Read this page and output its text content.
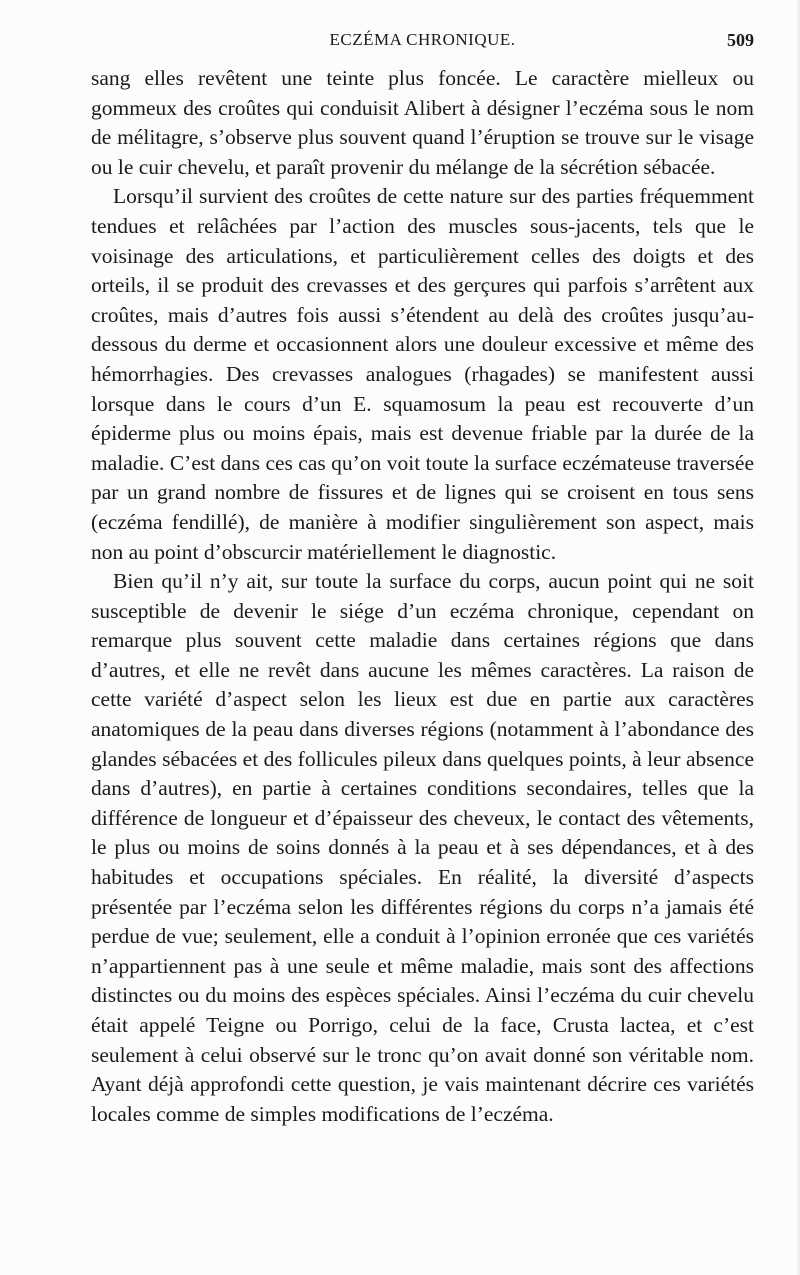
ECZÉMA CHRONIQUE.	509

sang elles revêtent une teinte plus foncée. Le caractère mielleux ou gommeux des croûtes qui conduisit Alibert à désigner l’eczéma sous le nom de mélitagre, s’observe plus souvent quand l’éruption se trouve sur le visage ou le cuir chevelu, et paraît provenir du mélange de la sécrétion sébacée.

Lorsqu’il survient des croûtes de cette nature sur des parties fréquemment tendues et relâchées par l’action des muscles sous-jacents, tels que le voisinage des articulations, et particulièrement celles des doigts et des orteils, il se produit des crevasses et des gerçures qui parfois s’arrêtent aux croûtes, mais d’autres fois aussi s’étendent au delà des croûtes jusqu’au-dessous du derme et occasionnent alors une douleur excessive et même des hémorrhagies. Des crevasses analogues (rhagades) se manifestent aussi lorsque dans le cours d’un E. squamosum la peau est recouverte d’un épiderme plus ou moins épais, mais est devenue friable par la durée de la maladie. C’est dans ces cas qu’on voit toute la surface eczémateuse traversée par un grand nombre de fissures et de lignes qui se croisent en tous sens (eczéma fendillé), de manière à modifier singulièrement son aspect, mais non au point d’obscurcir matériellement le diagnostic.

Bien qu’il n’y ait, sur toute la surface du corps, aucun point qui ne soit susceptible de devenir le siége d’un eczéma chronique, cependant on remarque plus souvent cette maladie dans certaines régions que dans d’autres, et elle ne revêt dans aucune les mêmes caractères. La raison de cette variété d’aspect selon les lieux est due en partie aux caractères anatomiques de la peau dans diverses régions (notamment à l’abondance des glandes sébacées et des follicules pileux dans quelques points, à leur absence dans d’autres), en partie à certaines conditions secondaires, telles que la différence de longueur et d’épaisseur des cheveux, le contact des vêtements, le plus ou moins de soins donnés à la peau et à ses dépendances, et à des habitudes et occupations spéciales. En réalité, la diversité d’aspects présentée par l’eczéma selon les différentes régions du corps n’a jamais été perdue de vue; seulement, elle a conduit à l’opinion erronée que ces variétés n’appartiennent pas à une seule et même maladie, mais sont des affections distinctes ou du moins des espèces spéciales. Ainsi l’eczéma du cuir chevelu était appelé Teigne ou Porrigo, celui de la face, Crusta lactea, et c’est seulement à celui observé sur le tronc qu’on avait donné son véritable nom. Ayant déjà approfondi cette question, je vais maintenant décrire ces variétés locales comme de simples modifications de l’eczéma.
